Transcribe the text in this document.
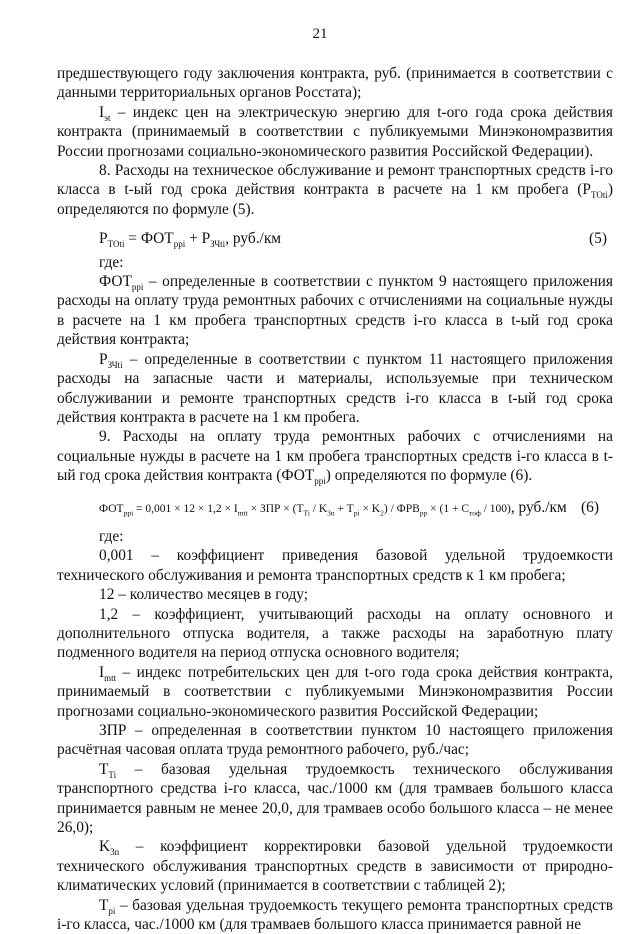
21

предшествующего году заключения контракта, руб. (принимается в соответствии с данными территориальных органов Росстата);

$I_{эt}$ – индекс цен на электрическую энергию для t-ого года срока действия контракта (принимаемый в соответствии с публикуемыми Минэкономразвития России прогнозами социально-экономического развития Российской Федерации).

8. Расходы на техническое обслуживание и ремонт транспортных средств i-го класса в t-ый год срока действия контракта в расчете на 1 км пробега $(Р_{ТОti})$ определяются по формуле (5).

$Р_{ТОti} = ФОТ_{ppi} + Р_{ЗЧti}$, руб./км	(5)

где:

$ФОТ_{ppi}$ – определенные в соответствии с пунктом 9 настоящего приложения расходы на оплату труда ремонтных рабочих с отчислениями на социальные нужды в расчете на 1 км пробега транспортных средств i-го класса в t-ый год срока действия контракта;

$Р_{ЗЧti}$ – определенные в соответствии с пунктом 11 настоящего приложения расходы на запасные части и материалы, используемые при техническом обслуживании и ремонте транспортных средств i-го класса в t-ый год срока действия контракта в расчете на 1 км пробега.

9. Расходы на оплату труда ремонтных рабочих с отчислениями на социальные нужды в расчете на 1 км пробега транспортных средств i-го класса в t-ый год срока действия контракта $(ФОТ_{ppi})$ определяются по формуле (6).

$ФОТ_{ppi} = 0,001 \times 12 \times 1,2 \times I_{mtt}$ × ЗПР × $(T_{Ti} / K_{3n} + T_{pi} \times K_2) / ФРВ_{pp} \times (1 + C_{тоф} / 100)$, руб./км (6)

где:

0,001 – коэффициент приведения базовой удельной трудоемкости технического обслуживания и ремонта транспортных средств к 1 км пробега;

12 – количество месяцев в году;

1,2 – коэффициент, учитывающий расходы на оплату основного и дополнительного отпуска водителя, а также расходы на заработную плату подменного водителя на период отпуска основного водителя;

$I_{mtt}$ – индекс потребительских цен для t-ого года срока действия контракта, принимаемый в соответствии с публикуемыми Минэкономразвития России прогнозами социально-экономического развития Российской Федерации;

ЗПР – определенная в соответствии пунктом 10 настоящего приложения расчётная часовая оплата труда ремонтного рабочего, руб./час;

$T_{Ti}$ – базовая удельная трудоемкость технического обслуживания транспортного средства i-го класса, час./1000 км (для трамваев большого класса принимается равным не менее 20,0, для трамваев особо большого класса – не менее 26,0);

$K_{3n}$ – коэффициент корректировки базовой удельной трудоемкости технического обслуживания транспортных средств в зависимости от природно-климатических условий (принимается в соответствии с таблицей 2);

$T_{pi}$ – базовая удельная трудоемкость текущего ремонта транспортных средств i-го класса, час./1000 км (для трамваев большого класса принимается равной не
